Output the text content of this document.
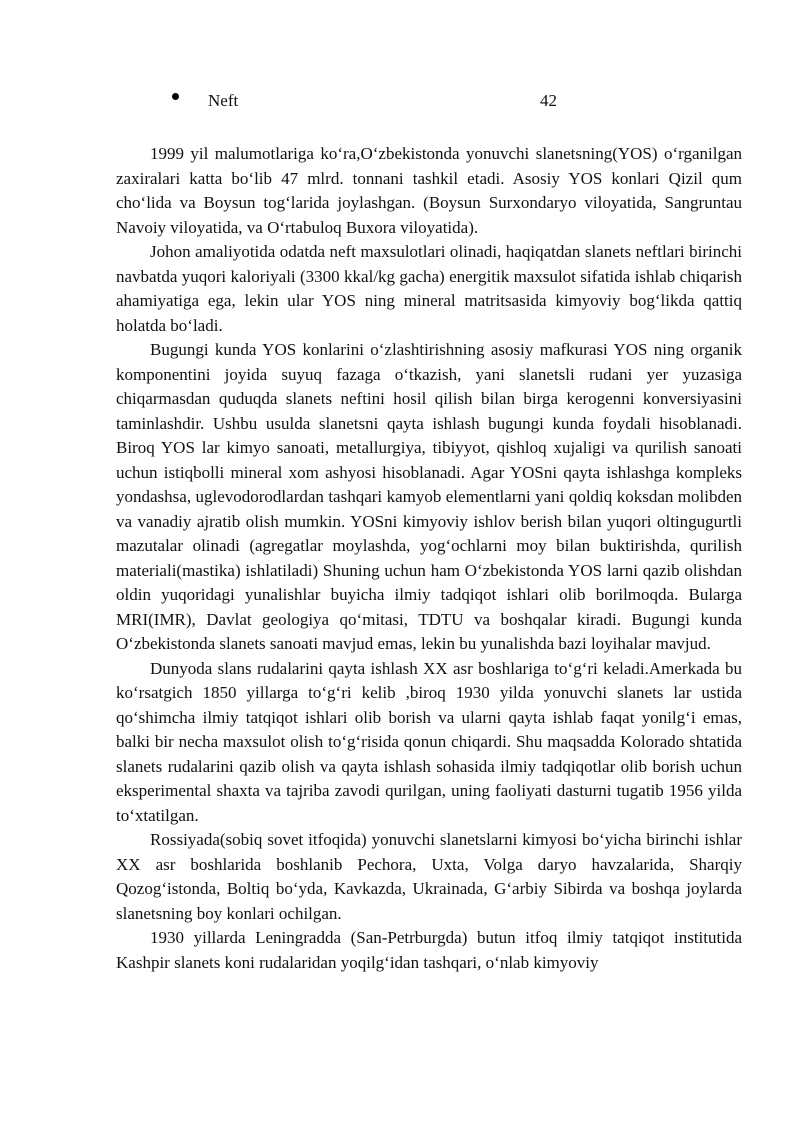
Neft	42

1999 yil malumotlariga ko‘ra,O‘zbekistonda yonuvchi slanetsning(YOS) o‘rganilgan zaxiralari katta bo‘lib 47 mlrd. tonnani tashkil etadi. Asosiy YOS konlari Qizil qum cho‘lida va Boysun tog‘larida joylashgan. (Boysun Surxondaryo viloyatida, Sangruntau Navoiy viloyatida, va O‘rtabuloq Buxora viloyatida).

Johon amaliyotida odatda neft maxsulotlari olinadi, haqiqatdan slanets neftlari birinchi navbatda yuqori kaloriyali (3300 kkal/kg gacha) energitik maxsulot sifatida ishlab chiqarish ahamiyatiga ega, lekin ular YOS ning mineral matritsasida kimyoviy bog‘likda qattiq holatda bo‘ladi.

Bugungi kunda YOS konlarini o‘zlashtirishning asosiy mafkurasi YOS ning organik komponentini joyida suyuq fazaga o‘tkazish, yani slanetsli rudani yer yuzasiga chiqarmasdan quduqda slanets neftini hosil qilish bilan birga kerogenni konversiyasini taminlashdir. Ushbu usulda slanetsni qayta ishlash bugungi kunda foydali hisoblanadi. Biroq YOS lar kimyo sanoati, metallurgiya, tibiyyot, qishloq xujaligi va qurilish sanoati uchun istiqbolli mineral xom ashyosi hisoblanadi. Agar YOSni qayta ishlashga kompleks yondashsa, uglevodorodlardan tashqari kamyob elementlarni yani qoldiq koksdan molibden va vanadiy ajratib olish mumkin. YOSni kimyoviy ishlov berish bilan yuqori oltingugurtli mazutalar olinadi (agregatlar moylashda, yog‘ochlarni moy bilan buktirishda, qurilish materiali(mastika) ishlatiladi) Shuning uchun ham O‘zbekistonda YOS larni qazib olishdan oldin yuqoridagi yunalishlar buyicha ilmiy tadqiqot ishlari olib borilmoqda. Bularga MRI(IMR), Davlat geologiya qo‘mitasi, TDTU va boshqalar kiradi. Bugungi kunda O‘zbekistonda slanets sanoati mavjud emas, lekin bu yunalishda bazi loyihalar mavjud.

Dunyoda slans rudalarini qayta ishlash XX asr boshlariga to‘g‘ri keladi.Amerkada bu ko‘rsatgich 1850 yillarga to‘g‘ri kelib ,biroq 1930 yilda yonuvchi slanets lar ustida qo‘shimcha ilmiy tatqiqot ishlari olib borish va ularni qayta ishlab faqat yonilg‘i emas, balki bir necha maxsulot olish to‘g‘risida qonun chiqardi. Shu maqsadda Kolorado shtatida slanets rudalarini qazib olish va qayta ishlash sohasida ilmiy tadqiqotlar olib borish uchun eksperimental shaxta va tajriba zavodi qurilgan, uning faoliyati dasturni tugatib 1956 yilda to‘xtatilgan.

Rossiyada(sobiq sovet itfoqida) yonuvchi slanetslarni kimyosi bo‘yicha birinchi ishlar XX asr boshlarida boshlanib Pechora, Uxta, Volga daryo havzalarida, Sharqiy Qozog‘istonda, Boltiq bo‘yda, Kavkazda, Ukrainada, G‘arbiy Sibirda va boshqa joylarda slanetsning boy konlari ochilgan.

1930 yillarda Leningradda (San-Petrburgda) butun itfoq ilmiy tatqiqot institutida Kashpir slanets koni rudalaridan yoqilg‘idan tashqari, o‘nlab kimyoviy
